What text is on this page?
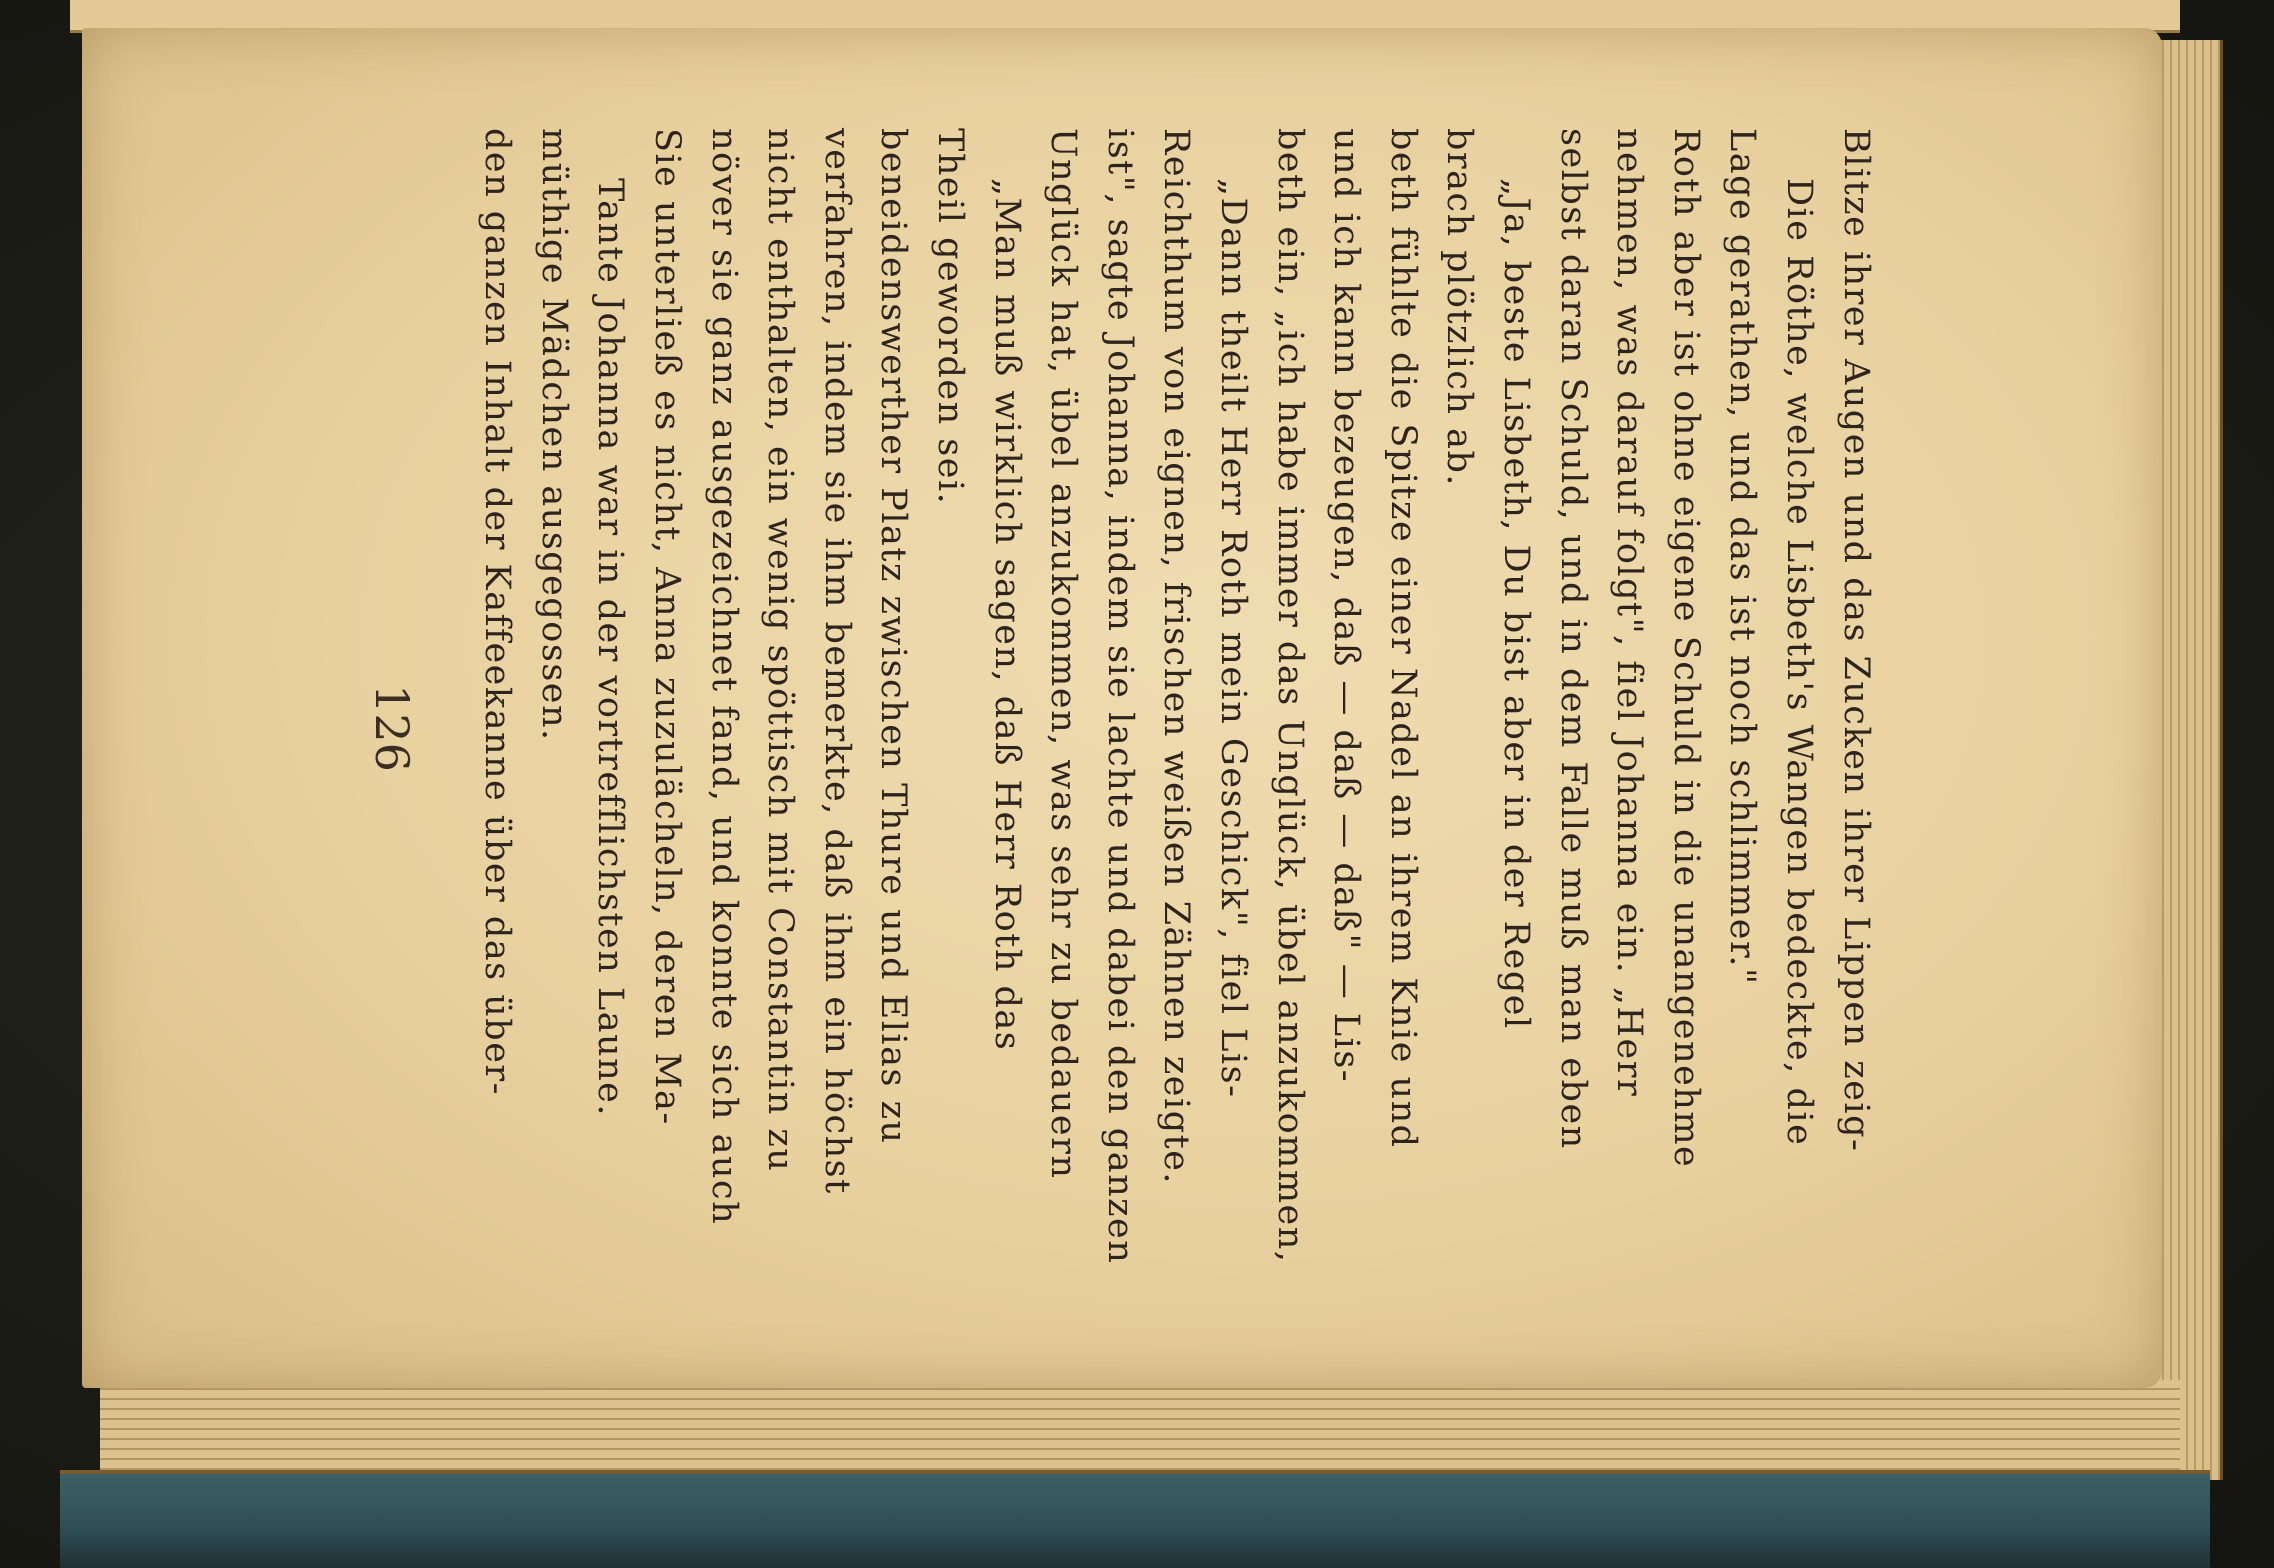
126 den ganzen Inhalt der Kaffeekanne über das über- müthige Mädchen ausgegossen. Tante Johanna war in der vortrefflichsten Laune. Sie unterließ es nicht, Anna zuzulächeln, deren Ma- növer sie ganz ausgezeichnet fand, und konnte sich auch nicht enthalten, ein wenig spöttisch mit Constantin zu verfahren, indem sie ihm bemerkte, daß ihm ein höchst beneidenswerther Platz zwischen Thure und Elias zu Theil geworden sei. „Man muß wirklich sagen, daß Herr Roth das Unglück hat, übel anzukommen, was sehr zu bedauern ist", sagte Johanna, indem sie lachte und dabei den ganzen Reichthum von eignen, frischen weißen Zähnen zeigte. „Dann theilt Herr Roth mein Geschick", fiel Lis- beth ein, „ich habe immer das Unglück, übel anzukommen, und ich kann bezeugen, daß — daß — daß" — Lis- beth fühlte die Spitze einer Nadel an ihrem Knie und brach plötzlich ab. „Ja, beste Lisbeth, Du bist aber in der Regel selbst daran Schuld, und in dem Falle muß man eben nehmen, was darauf folgt", fiel Johanna ein. „Herr Roth aber ist ohne eigene Schuld in die unangenehme Lage gerathen, und das ist noch schlimmer." Die Röthe, welche Lisbeth's Wangen bedeckte, die Blitze ihrer Augen und das Zucken ihrer Lippen zeig-
